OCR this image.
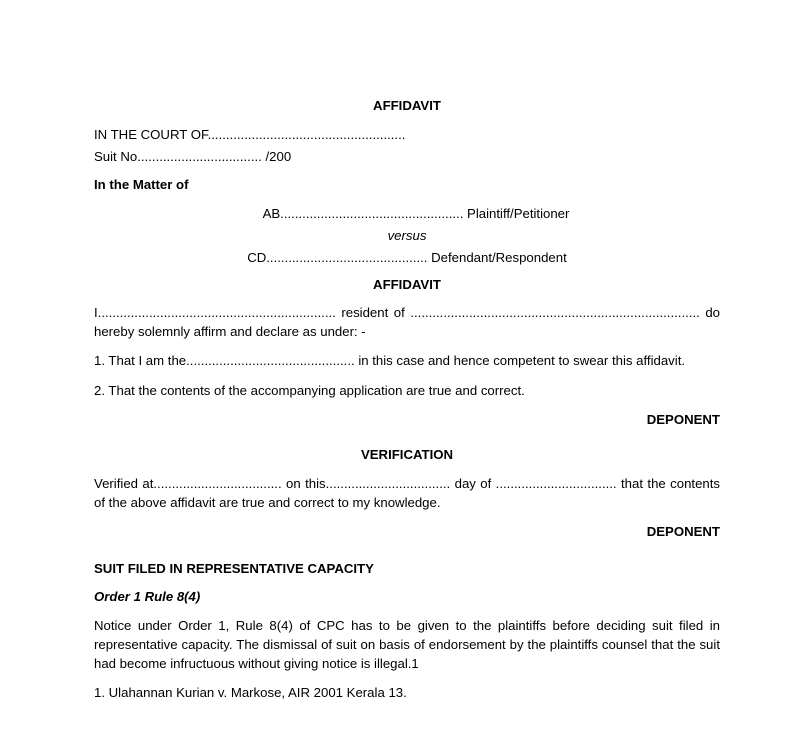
AFFIDAVIT
IN THE COURT OF......................................................
Suit No.................................. /200
In the Matter of
AB.................................................. Plaintiff/Petitioner
versus
CD............................................ Defendant/Respondent
AFFIDAVIT
I................................................................. resident of ............................................................................... do hereby solemnly affirm and declare as under: -
1. That I am the.............................................. in this case and hence competent to swear this affidavit.
2. That the contents of the accompanying application are true and correct.
DEPONENT
VERIFICATION
Verified at................................... on this.................................. day of ................................. that the contents of the above affidavit are true and correct to my knowledge.
DEPONENT
SUIT FILED IN REPRESENTATIVE CAPACITY
Order 1 Rule 8(4)
Notice under Order 1, Rule 8(4) of CPC has to be given to the plaintiffs before deciding suit filed in representative capacity. The dismissal of suit on basis of endorsement by the plaintiffs counsel that the suit had become infructuous without giving notice is illegal.1
1. Ulahannan Kurian v. Markose, AIR 2001 Kerala 13.
